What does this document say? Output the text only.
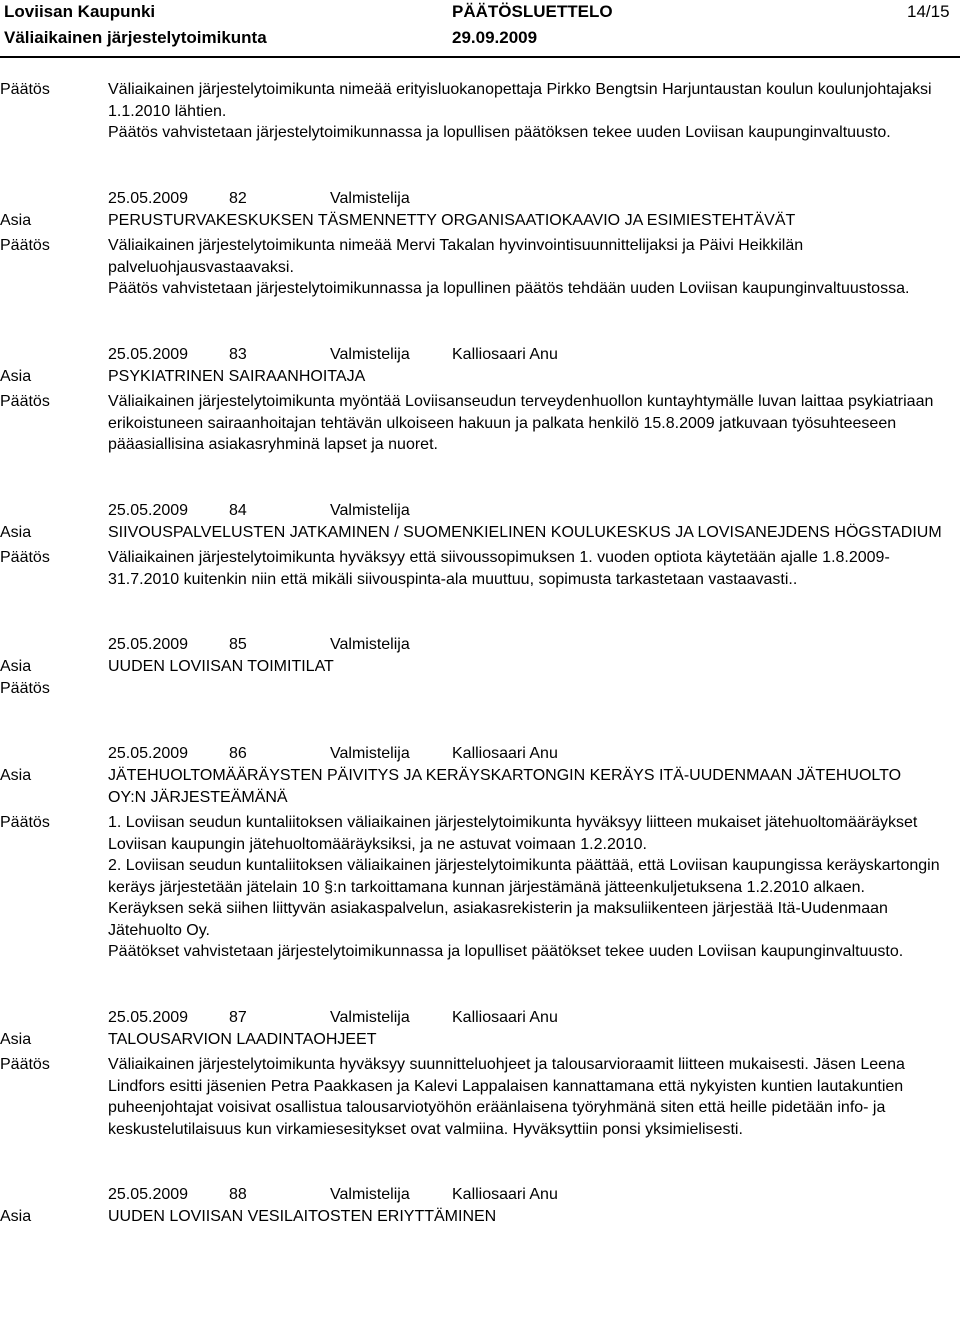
Loviisan Kaupunki	PÄÄTÖSLUETTELO	14/15
Väliaikainen järjestelytoimikunta	29.09.2009
Päätös	Väliaikainen järjestelytoimikunta nimeää erityisluokanopettaja Pirkko Bengtsin Harjuntaustan koulun koulunjohtajaksi 1.1.2010 lähtien.

Päätös vahvistetaan järjestelytoimikunnassa ja lopullisen päätöksen tekee uuden Loviisan kaupunginvaltuusto.

25.05.2009	82	Valmistelija
Asia	PERUSTURVAKESKUKSEN TÄSMENNETTY ORGANISAATIOKAAVIO JA ESIMIESTEHTÄVÄT
Päätös	Väliaikainen järjestelytoimikunta nimeää Mervi Takalan hyvinvointisuunnittelijaksi ja Päivi Heikkilän palveluohjausvastaavaksi.

Päätös vahvistetaan järjestelytoimikunnassa ja lopullinen päätös tehdään uuden Loviisan kaupunginvaltuustossa.

25.05.2009	83	Valmistelija	Kalliosaari Anu
Asia	PSYKIATRINEN SAIRAANHOITAJA
Päätös	Väliaikainen järjestelytoimikunta myöntää Loviisanseudun terveydenhuollon kuntayhtymälle luvan laittaa psykiatriaan erikoistuneen sairaanhoitajan tehtävän ulkoiseen hakuun ja palkata henkilö 15.8.2009 jatkuvaan työsuhteeseen pääasiallisina asiakasryhminä lapset ja nuoret.

25.05.2009	84	Valmistelija
Asia	SIIVOUSPALVELUSTEN JATKAMINEN / SUOMENKIELINEN KOULUKESKUS JA LOVISANEJDENS HÖGSTADIUM
Päätös	Väliaikainen järjestelytoimikunta hyväksyy että siivoussopimuksen 1. vuoden optiota käytetään ajalle 1.8.2009-31.7.2010 kuitenkin niin että mikäli siivouspinta-ala muuttuu, sopimusta tarkastetaan vastaavasti..

25.05.2009	85	Valmistelija
Asia	UUDEN LOVIISAN TOIMITILAT
Päätös
25.05.2009	86	Valmistelija	Kalliosaari Anu
Asia	JÄTEHUOLTOMÄÄRÄYSTEN PÄIVITYS JA KERÄYSKARTONGIN KERÄYS ITÄ-UUDENMAAN JÄTEHUOLTO OY:N JÄRJESTEÄMÄNÄ
Päätös	1. Loviisan seudun kuntaliitoksen väliaikainen järjestelytoimikunta hyväksyy liitteen mukaiset jätehuoltomääräykset Loviisan kaupungin jätehuoltomääräyksiksi, ja ne astuvat voimaan 1.2.2010.

2. Loviisan seudun kuntaliitoksen väliaikainen järjestelytoimikunta päättää, että Loviisan kaupungissa keräyskartongin keräys järjestetään jätelain 10 §:n tarkoittamana kunnan järjestämänä jätteenkuljetuksena 1.2.2010 alkaen. Keräyksen sekä siihen liittyvän asiakaspalvelun, asiakasrekisterin ja maksuliikenteen järjestää Itä-Uudenmaan Jätehuolto Oy.

Päätökset vahvistetaan järjestelytoimikunnassa ja lopulliset päätökset tekee uuden Loviisan kaupunginvaltuusto.

25.05.2009	87	Valmistelija	Kalliosaari Anu
Asia	TALOUSARVION LAADINTAOHJEET
Päätös	Väliaikainen järjestelytoimikunta hyväksyy suunnitteluohjeet ja talousarvioraamit liitteen mukaisesti. Jäsen Leena Lindfors esitti jäsenien Petra Paakkasen ja Kalevi Lappalaisen kannattamana että nykyisten kuntien lautakuntien puheenjohtajat voisivat osallistua talousarviotyöhön eräänlaisena työryhmänä siten että heille pidetään info- ja keskustelutilaisuus kun virkamiesesitykset ovat valmiina. Hyväksyttiin ponsi yksimielisesti.

25.05.2009	88	Valmistelija	Kalliosaari Anu
Asia	UUDEN LOVIISAN VESILAITOSTEN ERIYTTÄMINEN
